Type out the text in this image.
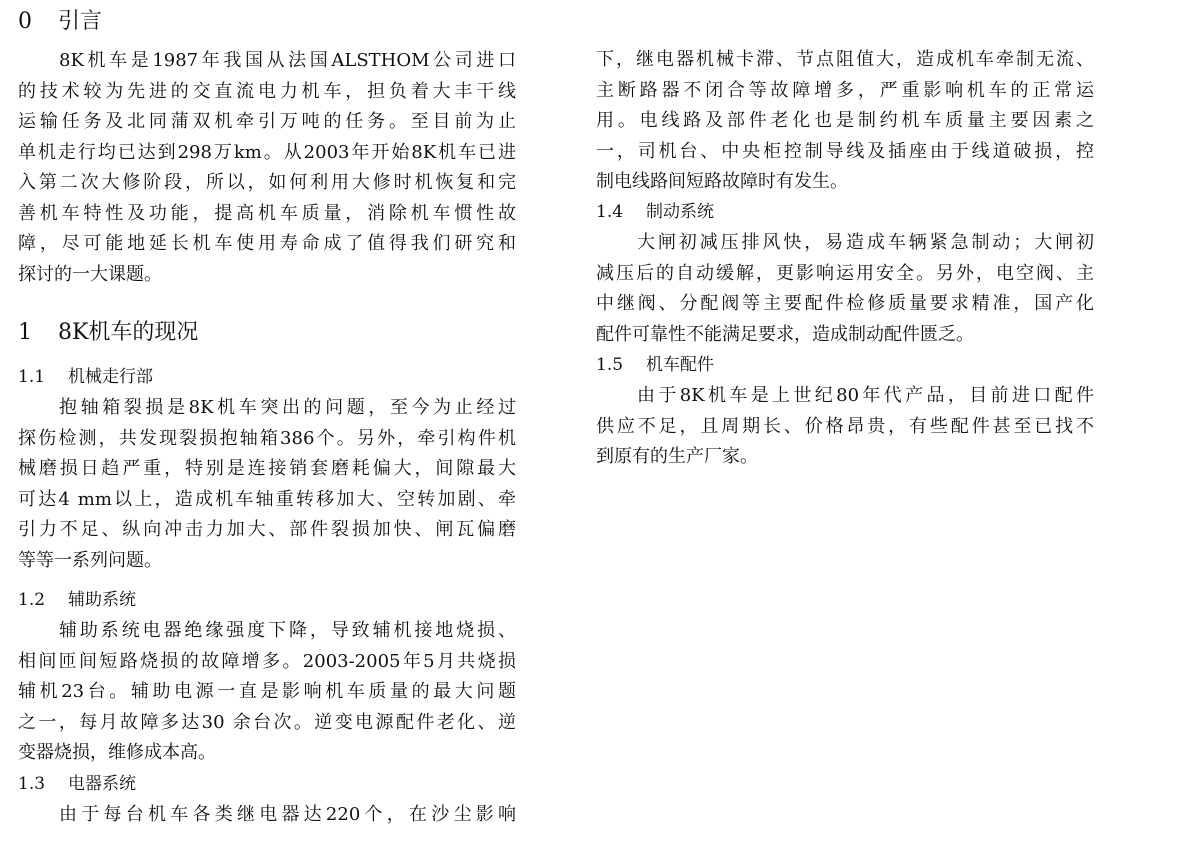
0 引言
8K机车是1987年我国从法国ALSTHOM公司进口
的技术较为先进的交直流电力机车，担负着大丰干线
运输任务及北同蒲双机牵引万吨的任务。至目前为止
单机走行均已达到298万km。从2003年开始8K机车已进
入第二次大修阶段，所以，如何利用大修时机恢复和完
善机车特性及功能，提高机车质量，消除机车惯性故
障，尽可能地延长机车使用寿命成了值得我们研究和
探讨的一大课题。
1 8K机车的现况
1.1 机械走行部
抱轴箱裂损是8K机车突出的问题，至今为止经过
探伤检测，共发现裂损抱轴箱386个。另外，牵引构件机
械磨损日趋严重，特别是连接销套磨耗偏大，间隙最大
可达4 mm以上，造成机车轴重转移加大、空转加剧、牵
引力不足、纵向冲击力加大、部件裂损加快、闸瓦偏磨
等等一系列问题。
1.2 辅助系统
辅助系统电器绝缘强度下降，导致辅机接地烧损、
相间匝间短路烧损的故障增多。2003-2005年5月共烧损
辅机23台。辅助电源一直是影响机车质量的最大问题
之一，每月故障多达30 余台次。逆变电源配件老化、逆
变器烧损，维修成本高。
1.3 电器系统
由于每台机车各类继电器达220个，在沙尘影响
下，继电器机械卡滞、节点阻值大，造成机车牵制无流、
主断路器不闭合等故障增多，严重影响机车的正常运
用。电线路及部件老化也是制约机车质量主要因素之
一，司机台、中央柜控制导线及插座由于线道破损，控
制电线路间短路故障时有发生。
1.4 制动系统
大闸初减压排风快，易造成车辆紧急制动；大闸初
减压后的自动缓解，更影响运用安全。另外，电空阀、主
中继阀、分配阀等主要配件检修质量要求精准，国产化
配件可靠性不能满足要求，造成制动配件匮乏。
1.5 机车配件
由于8K机车是上世纪80年代产品，目前进口配件
供应不足，且周期长、价格昂贵，有些配件甚至已找不
到原有的生产厂家。
